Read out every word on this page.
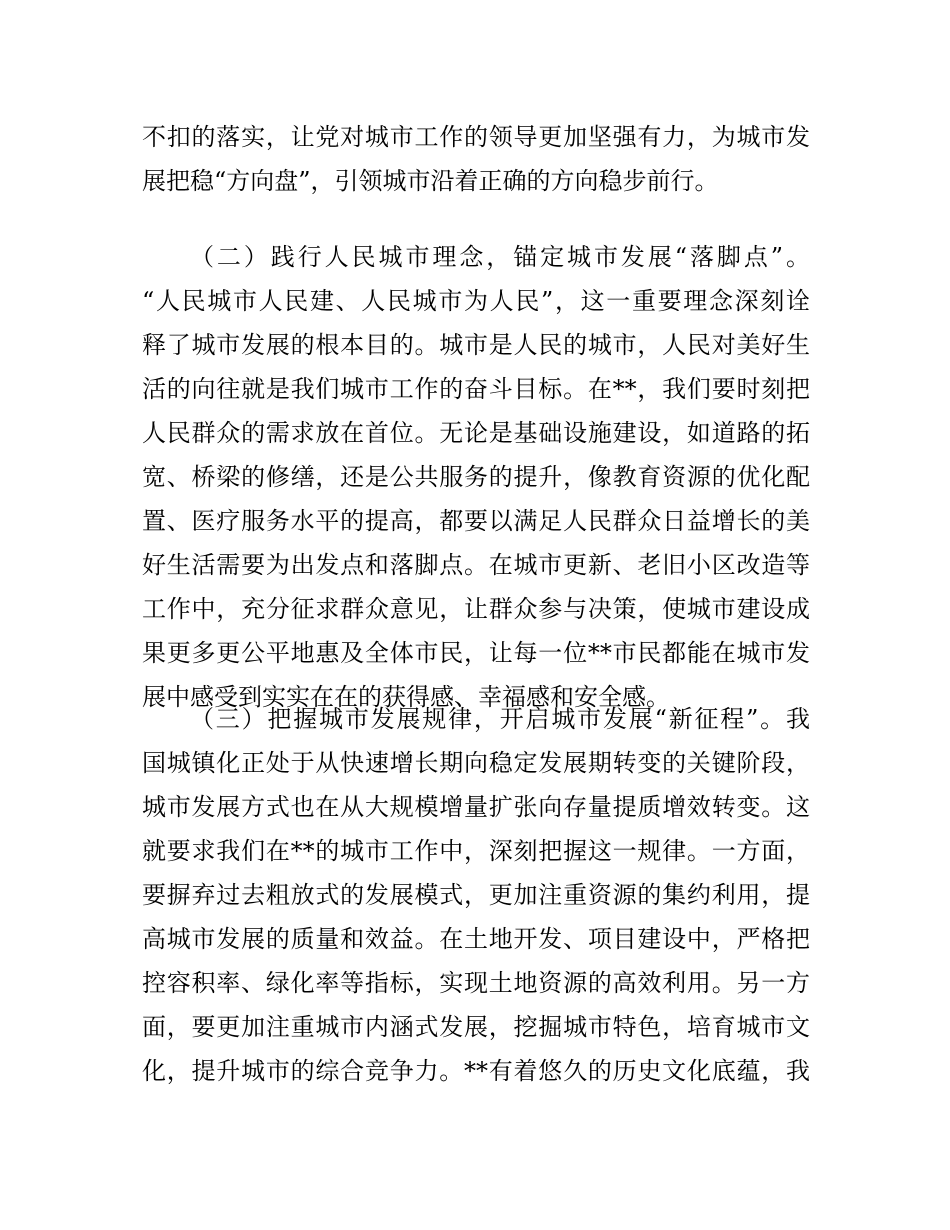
不扣的落实，让党对城市工作的领导更加坚强有力，为城市发
展把稳“方向盘”，引领城市沿着正确的方向稳步前行。
（二）践行人民城市理念，锚定城市发展“落脚点”。
“人民城市人民建、人民城市为人民”，这一重要理念深刻诠
释了城市发展的根本目的。城市是人民的城市，人民对美好生
活的向往就是我们城市工作的奋斗目标。在**，我们要时刻把
人民群众的需求放在首位。无论是基础设施建设，如道路的拓
宽、桥梁的修缮，还是公共服务的提升，像教育资源的优化配
置、医疗服务水平的提高，都要以满足人民群众日益增长的美
好生活需要为出发点和落脚点。在城市更新、老旧小区改造等
工作中，充分征求群众意见，让群众参与决策，使城市建设成
果更多更公平地惠及全体市民，让每一位**市民都能在城市发
展中感受到实实在在的获得感、幸福感和安全感。
（三）把握城市发展规律，开启城市发展“新征程”。我
国城镇化正处于从快速增长期向稳定发展期转变的关键阶段，
城市发展方式也在从大规模增量扩张向存量提质增效转变。这
就要求我们在**的城市工作中，深刻把握这一规律。一方面，
要摒弃过去粗放式的发展模式，更加注重资源的集约利用，提
高城市发展的质量和效益。在土地开发、项目建设中，严格把
控容积率、绿化率等指标，实现土地资源的高效利用。另一方
面，要更加注重城市内涵式发展，挖掘城市特色，培育城市文
化，提升城市的综合竞争力。**有着悠久的历史文化底蕴，我
